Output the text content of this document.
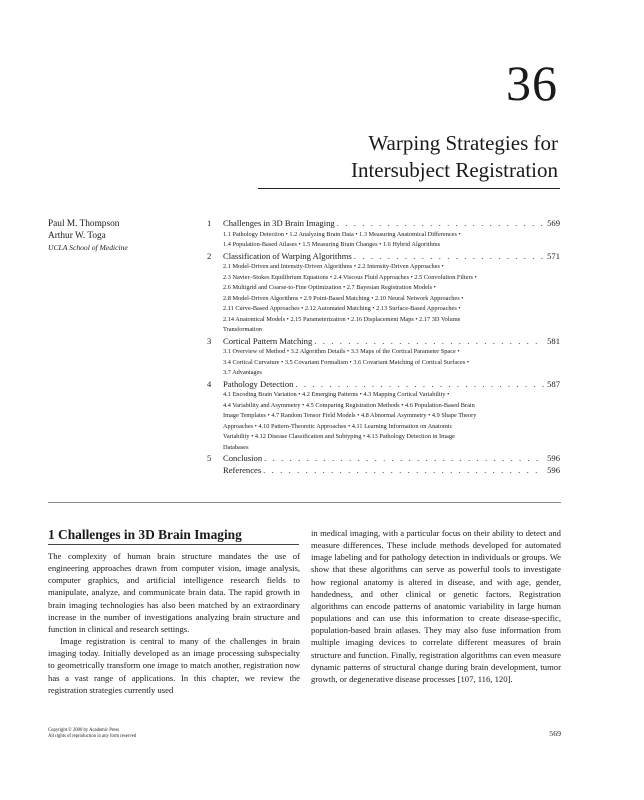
36
Warping Strategies for
Intersubject Registration
Paul M. Thompson
Arthur W. Toga
UCLA School of Medicine
1	Challenges in 3D Brain Imaging . . .	569
1.1 Pathology Detection • 1.2 Analyzing Brain Data • 1.3 Measuring Anatomical Differences •
1.4 Population-Based Atlases • 1.5 Measuring Brain Changes • 1.6 Hybrid Algorithms
2	Classification of Warping Algorithms . . .	571
2.1 Model-Driven and Intensity-Driven Algorithms • 2.2 Intensity-Driven Approaches •
2.3 Navier–Stokes Equilibrium Equations • 2.4 Viscous Fluid Approaches • 2.5 Convolution Filters •
2.6 Multigrid and Coarse-to-Fine Optimization • 2.7 Bayesian Registration Models •
2.8 Model-Driven Algorithms • 2.9 Point-Based Matching • 2.10 Neural Network Approaches •
2.11 Curve-Based Approaches • 2.12 Automated Matching • 2.13 Surface-Based Approaches •
2.14 Anatomical Models • 2.15 Parameterization • 2.16 Displacement Maps • 2.17 3D Volume
Transformation
3	Cortical Pattern Matching . . .	581
3.1 Overview of Method • 3.2 Algorithm Details • 3.3 Maps of the Cortical Parameter Space •
3.4 Cortical Curvature • 3.5 Covariant Formalism • 3.6 Covariant Matching of Cortical Surfaces •
3.7 Advantages
4	Pathology Detection . . .	587
4.1 Encoding Brain Variation • 4.2 Emerging Patterns • 4.3 Mapping Cortical Variability •
4.4 Variability and Asymmetry • 4.5 Comparing Registration Methods • 4.6 Population-Based Brain
Image Templates • 4.7 Random Tensor Field Models • 4.8 Abnormal Asymmetry • 4.9 Shape Theory
Approaches • 4.10 Pattern-Theoretic Approaches • 4.11 Learning Information on Anatomic
Variability • 4.12 Disease Classification and Subtyping • 4.13 Pathology Detection in Image
Databases
5	Conclusion . . .	596
References . . .	596
1 Challenges in 3D Brain Imaging

The complexity of human brain structure mandates the use of engineering approaches drawn from computer vision, image analysis, computer graphics, and artificial intelligence research fields to manipulate, analyze, and communicate brain data. The rapid growth in brain imaging technologies has also been matched by an extraordinary increase in the number of investigations analyzing brain structure and function in clinical and research settings.

Image registration is central to many of the challenges in brain imaging today. Initially developed as an image processing subspecialty to geometrically transform one image to match another, registration now has a vast range of applications. In this chapter, we review the registration strategies currently used

in medical imaging, with a particular focus on their ability to detect and measure differences. These include methods developed for automated image labeling and for pathology detection in individuals or groups. We show that these algorithms can serve as powerful tools to investigate how regional anatomy is altered in disease, and with age, gender, handedness, and other clinical or genetic factors. Registration algorithms can encode patterns of anatomic variability in large human populations and can use this information to create disease-specific, population-based brain atlases. They may also fuse information from multiple imaging devices to correlate different measures of brain structure and function. Finally, registration algorithms can even measure dynamic patterns of structural change during brain development, tumor growth, or degenerative disease processes [107, 116, 120].

Copyright © 2000 by Academic Press
All rights of reproduction in any form reserved	569
